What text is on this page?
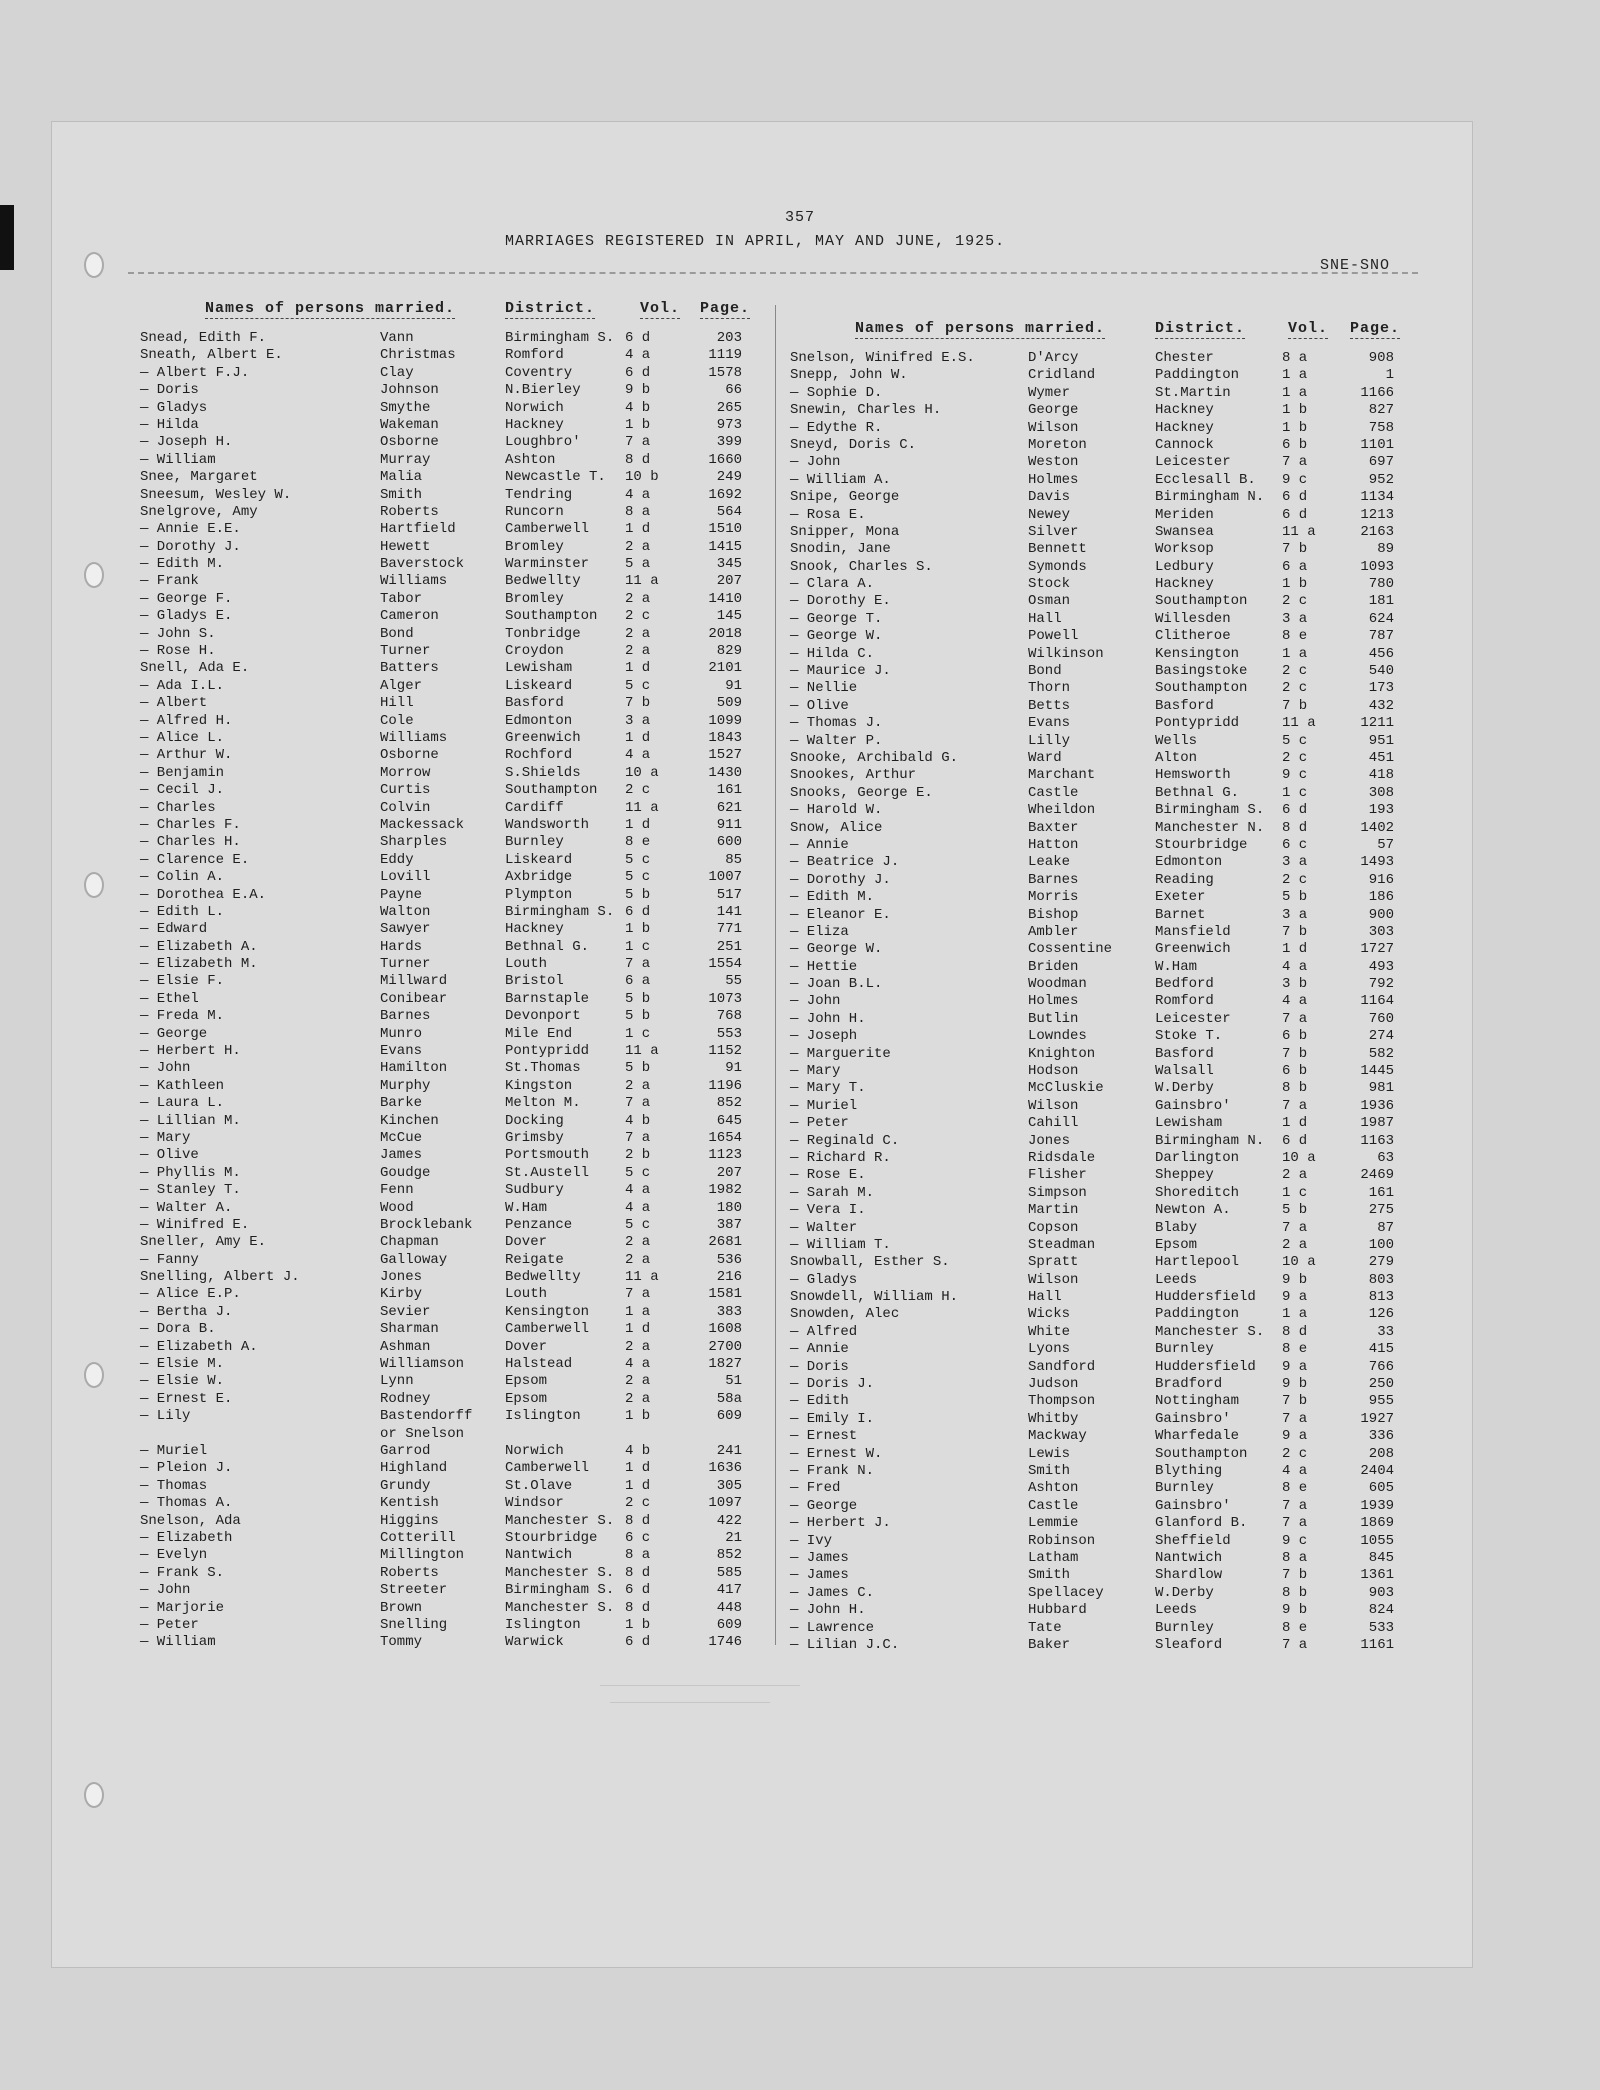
357
MARRIAGES REGISTERED IN APRIL, MAY AND JUNE, 1925.
SNE-SNO
Names of persons married.	District.	Vol. Page.
Names of persons married.	District.	Vol. Page.
Snead, Edith F.	Vann	Birmingham S. 6 d	203
Sneath, Albert E.	Christmas	Romford	4 a	1119
— Albert F.J.	Clay	Coventry	6 d	1578
— Doris	Johnson	N.Bierley	9 b	66
— Gladys	Smythe	Norwich	4 b	265
— Hilda	Wakeman	Hackney	1 b	973
— Joseph H.	Osborne	Loughbro'	7 a	399
— William	Murray	Ashton	8 d	1660
Snee, Margaret	Malia	Newcastle T. 10 b	249
Sneesum, Wesley W.	Smith	Tendring	4 a	1692
Snelgrove, Amy	Roberts	Runcorn	8 a	564
— Annie E.E.	Hartfield	Camberwell	1 d	1510
— Dorothy J.	Hewett	Bromley	2 a	1415
— Edith M.	Baverstock	Warminster	5 a	345
— Frank	Williams	Bedwellty	11 a	207
— George F.	Tabor	Bromley	2 a	1410
— Gladys E.	Cameron	Southampton 2 c	145
— John S.	Bond	Tonbridge	2 a	2018
— Rose H.	Turner	Croydon	2 a	829
Snell, Ada E.	Batters	Lewisham	1 d	2101
— Ada I.L.	Alger	Liskeard	5 c	91
— Albert	Hill	Basford	7 b	509
— Alfred H.	Cole	Edmonton	3 a	1099
— Alice L.	Williams	Greenwich	1 d	1843
— Arthur W.	Osborne	Rochford	4 a	1527
— Benjamin	Morrow	S.Shields	10 a	1430
— Cecil J.	Curtis	Southampton 2 c	161
— Charles	Colvin	Cardiff	11 a	621
— Charles F.	Mackessack	Wandsworth	1 d	911
— Charles H.	Sharples	Burnley	8 e	600
— Clarence E.	Eddy	Liskeard	5 c	85
— Colin A.	Lovill	Axbridge	5 c	1007
— Dorothea E.A.	Payne	Plympton	5 b	517
— Edith L.	Walton	Birmingham S. 6 d	141
— Edward	Sawyer	Hackney	1 b	771
— Elizabeth A.	Hards	Bethnal G.	1 c	251
— Elizabeth M.	Turner	Louth	7 a	1554
— Elsie F.	Millward	Bristol	6 a	55
— Ethel	Conibear	Barnstaple	5 b	1073
— Freda M.	Barnes	Devonport	5 b	768
— George	Munro	Mile End	1 c	553
— Herbert H.	Evans	Pontypridd	11 a	1152
— John	Hamilton	St.Thomas	5 b	91
— Kathleen	Murphy	Kingston	2 a	1196
— Laura L.	Barke	Melton M.	7 a	852
— Lillian M.	Kinchen	Docking	4 b	645
— Mary	McCue	Grimsby	7 a	1654
— Olive	James	Portsmouth	2 b	1123
— Phyllis M.	Goudge	St.Austell	5 c	207
— Stanley T.	Fenn	Sudbury	4 a	1982
— Walter A.	Wood	W.Ham	4 a	180
— Winifred E.	Brocklebank Penzance	5 c	387
Sneller, Amy E.	Chapman	Dover	2 a	2681
— Fanny	Galloway	Reigate	2 a	536
Snelling, Albert J.	Jones	Bedwellty	11 a	216
— Alice E.P.	Kirby	Louth	7 a	1581
— Bertha J.	Sevier	Kensington	1 a	383
— Dora B.	Sharman	Camberwell	1 d	1608
— Elizabeth A.	Ashman	Dover	2 a	2700
— Elsie M.	Williamson	Halstead	4 a	1827
— Elsie W.	Lynn	Epsom	2 a	51
— Ernest E.	Rodney	Epsom	2 a	58a
— Lily	Bastendorff Islington	1 b	609
or Snelson
— Muriel	Garrod	Norwich	4 b	241
— Pleion J.	Highland	Camberwell	1 d	1636
— Thomas	Grundy	St.Olave	1 d	305
— Thomas A.	Kentish	Windsor	2 c	1097
Snelson, Ada	Higgins	Manchester S. 8 d	422
— Elizabeth	Cotterill	Stourbridge 6 c	21
— Evelyn	Millington	Nantwich	8 a	852
— Frank S.	Roberts	Manchester S. 8 d	585
— John	Streeter	Birmingham S. 6 d	417
— Marjorie	Brown	Manchester S. 8 d	448
— Peter	Snelling	Islington	1 b	609
— William	Tommy	Warwick	6 d	1746
Snelson, Winifred E.S.	D'Arcy	Chester	8 a	908
Snepp, John W.	Cridland	Paddington	1 a	1
— Sophie D.	Wymer	St.Martin	1 a	1166
Snewin, Charles H.	George	Hackney	1 b	827
— Edythe R.	Wilson	Hackney	1 b	758
Sneyd, Doris C.	Moreton	Cannock	6 b	1101
— John	Weston	Leicester	7 a	697
— William A.	Holmes	Ecclesall B. 9 c	952
Snipe, George	Davis	Birmingham N. 6 d	1134
— Rosa E.	Newey	Meriden	6 d	1213
Snipper, Mona	Silver	Swansea	11 a	2163
Snodin, Jane	Bennett	Worksop	7 b	89
Snook, Charles S.	Symonds	Ledbury	6 a	1093
— Clara A.	Stock	Hackney	1 b	780
— Dorothy E.	Osman	Southampton 2 c	181
— George T.	Hall	Willesden	3 a	624
— George W.	Powell	Clitheroe	8 e	787
— Hilda C.	Wilkinson	Kensington	1 a	456
— Maurice J.	Bond	Basingstoke 2 c	540
— Nellie	Thorn	Southampton 2 c	173
— Olive	Betts	Basford	7 b	432
— Thomas J.	Evans	Pontypridd	11 a	1211
— Walter P.	Lilly	Wells	5 c	951
Snooke, Archibald G.	Ward	Alton	2 c	451
Snookes, Arthur	Marchant	Hemsworth	9 c	418
Snooks, George E.	Castle	Bethnal G.	1 c	308
— Harold W.	Wheildon	Birmingham S. 6 d	193
Snow, Alice	Baxter	Manchester N. 8 d	1402
— Annie	Hatton	Stourbridge 6 c	57
— Beatrice J.	Leake	Edmonton	3 a	1493
— Dorothy J.	Barnes	Reading	2 c	916
— Edith M.	Morris	Exeter	5 b	186
— Eleanor E.	Bishop	Barnet	3 a	900
— Eliza	Ambler	Mansfield	7 b	303
— George W.	Cossentine	Greenwich	1 d	1727
— Hettie	Briden	W.Ham	4 a	493
— Joan B.L.	Woodman	Bedford	3 b	792
— John	Holmes	Romford	4 a	1164
— John H.	Butlin	Leicester	7 a	760
— Joseph	Lowndes	Stoke T.	6 b	274
— Marguerite	Knighton	Basford	7 b	582
— Mary	Hodson	Walsall	6 b	1445
— Mary T.	McCluskie	W.Derby	8 b	981
— Muriel	Wilson	Gainsbro'	7 a	1936
— Peter	Cahill	Lewisham	1 d	1987
— Reginald C.	Jones	Birmingham N. 6 d	1163
— Richard R.	Ridsdale	Darlington	10 a	63
— Rose E.	Flisher	Sheppey	2 a	2469
— Sarah M.	Simpson	Shoreditch	1 c	161
— Vera I.	Martin	Newton A.	5 b	275
— Walter	Copson	Blaby	7 a	87
— William T.	Steadman	Epsom	2 a	100
Snowball, Esther S.	Spratt	Hartlepool	10 a	279
— Gladys	Wilson	Leeds	9 b	803
Snowdell, William H.	Hall	Huddersfield 9 a	813
Snowden, Alec	Wicks	Paddington	1 a	126
— Alfred	White	Manchester S. 8 d	33
— Annie	Lyons	Burnley	8 e	415
— Doris	Sandford	Huddersfield 9 a	766
— Doris J.	Judson	Bradford	9 b	250
— Edith	Thompson	Nottingham	7 b	955
— Emily I.	Whitby	Gainsbro'	7 a	1927
— Ernest	Mackway	Wharfedale	9 a	336
— Ernest W.	Lewis	Southampton 2 c	208
— Frank N.	Smith	Blything	4 a	2404
— Fred	Ashton	Burnley	8 e	605
— George	Castle	Gainsbro'	7 a	1939
— Herbert J.	Lemmie	Glanford B. 7 a	1869
— Ivy	Robinson	Sheffield	9 c	1055
— James	Latham	Nantwich	8 a	845
— James	Smith	Shardlow	7 b	1361
— James C.	Spellacey	W.Derby	8 b	903
— John H.	Hubbard	Leeds	9 b	824
— Lawrence	Tate	Burnley	8 e	533
— Lilian J.C.	Baker	Sleaford	7 a	1161
